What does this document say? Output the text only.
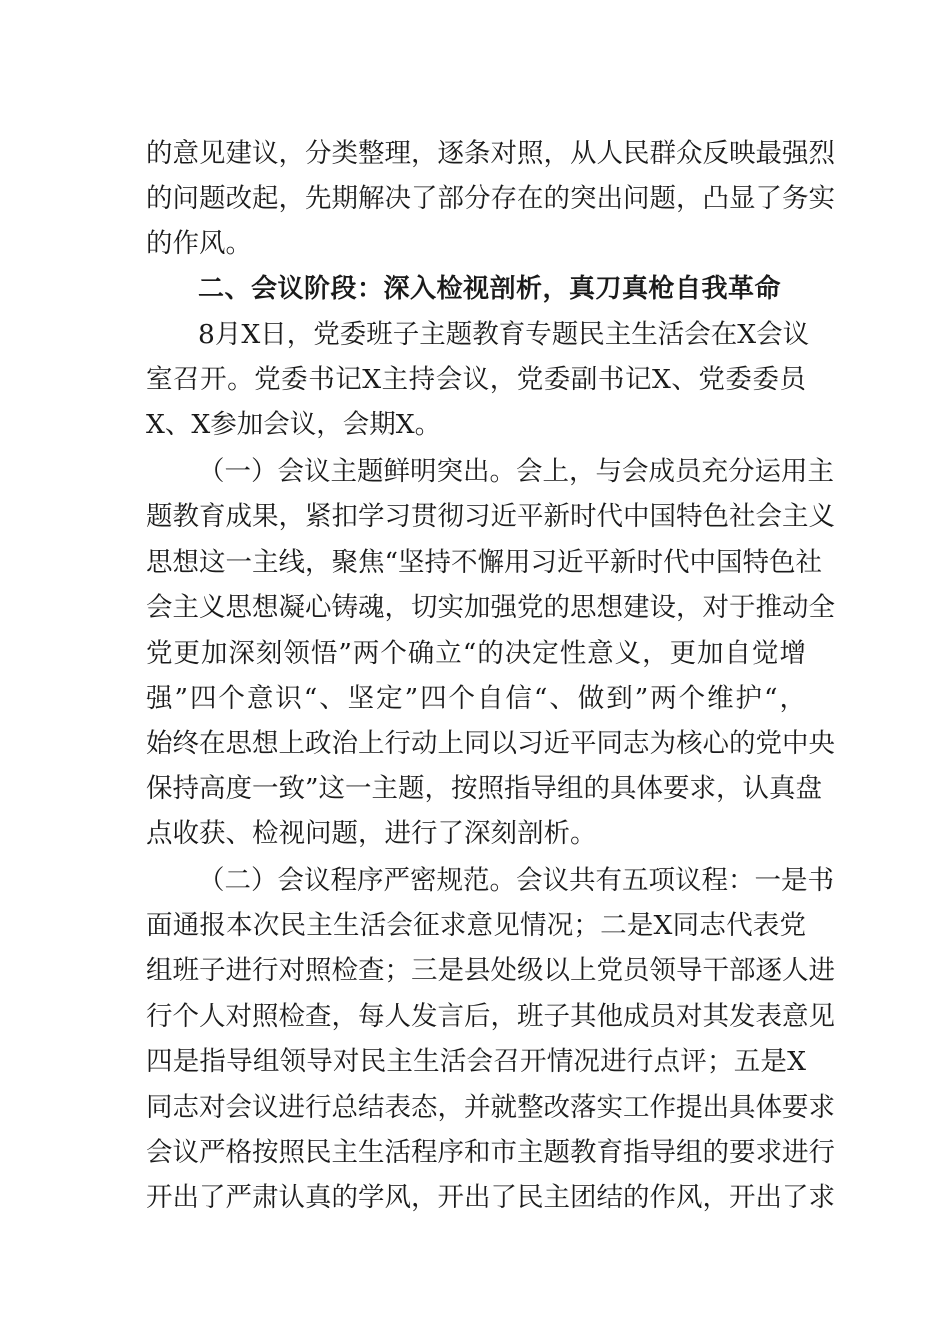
的意见建议，分类整理，逐条对照，从人民群众反映最强烈
的问题改起，先期解决了部分存在的突出问题，凸显了务实
的作风。
二、会议阶段：深入检视剖析，真刀真枪自我革命
8月X日，党委班子主题教育专题民主生活会在X会议
室召开。党委书记X主持会议，党委副书记X、党委委员
X、X参加会议，会期X。
（一）会议主题鲜明突出。会上，与会成员充分运用主
题教育成果，紧扣学习贯彻习近平新时代中国特色社会主义
思想这一主线，聚焦“坚持不懈用习近平新时代中国特色社
会主义思想凝心铸魂，切实加强党的思想建设，对于推动全
党更加深刻领悟”两个确立“的决定性意义，更加自觉增
强”四个意识“、坚定”四个自信“、做到”两个维护“，
始终在思想上政治上行动上同以习近平同志为核心的党中央
保持高度一致”这一主题，按照指导组的具体要求，认真盘
点收获、检视问题，进行了深刻剖析。
（二）会议程序严密规范。会议共有五项议程：一是书
面通报本次民主生活会征求意见情况；二是X同志代表党
组班子进行对照检查；三是县处级以上党员领导干部逐人进
行个人对照检查，每人发言后，班子其他成员对其发表意见
四是指导组领导对民主生活会召开情况进行点评；五是X
同志对会议进行总结表态，并就整改落实工作提出具体要求
会议严格按照民主生活程序和市主题教育指导组的要求进行
开出了严肃认真的学风，开出了民主团结的作风，开出了求
